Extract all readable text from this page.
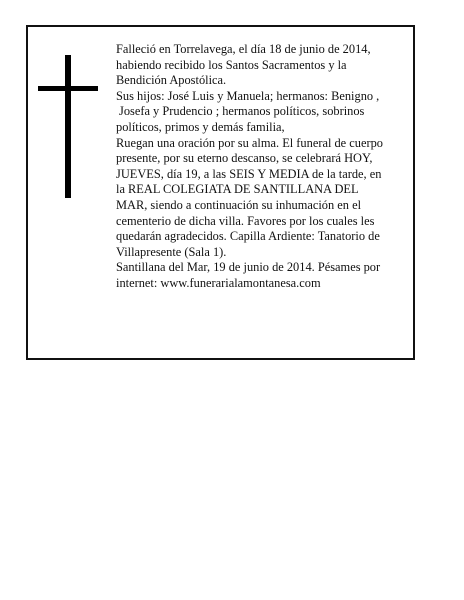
Falleció en Torrelavega, el día 18 de junio de 2014,

habiendo recibido los Santos Sacramentos y la

Bendición Apostólica.

Sus hijos: José Luis y Manuela; hermanos: Benigno ,

Josefa y Prudencio ; hermanos políticos, sobrinos

políticos, primos y demás familia,

Ruegan una oración por su alma. El funeral de cuerpo

presente, por su eterno descanso, se celebrará HOY,

JUEVES, día 19, a las SEIS Y MEDIA de la tarde, en

la REAL COLEGIATA DE SANTILLANA DEL

MAR, siendo a continuación su inhumación en el

cementerio de dicha villa. Favores por los cuales les

quedarán agradecidos. Capilla Ardiente: Tanatorio de

Villapresente (Sala 1).

Santillana del Mar, 19 de junio de 2014. Pésames por

internet: www.funerarialamontanesa.com
